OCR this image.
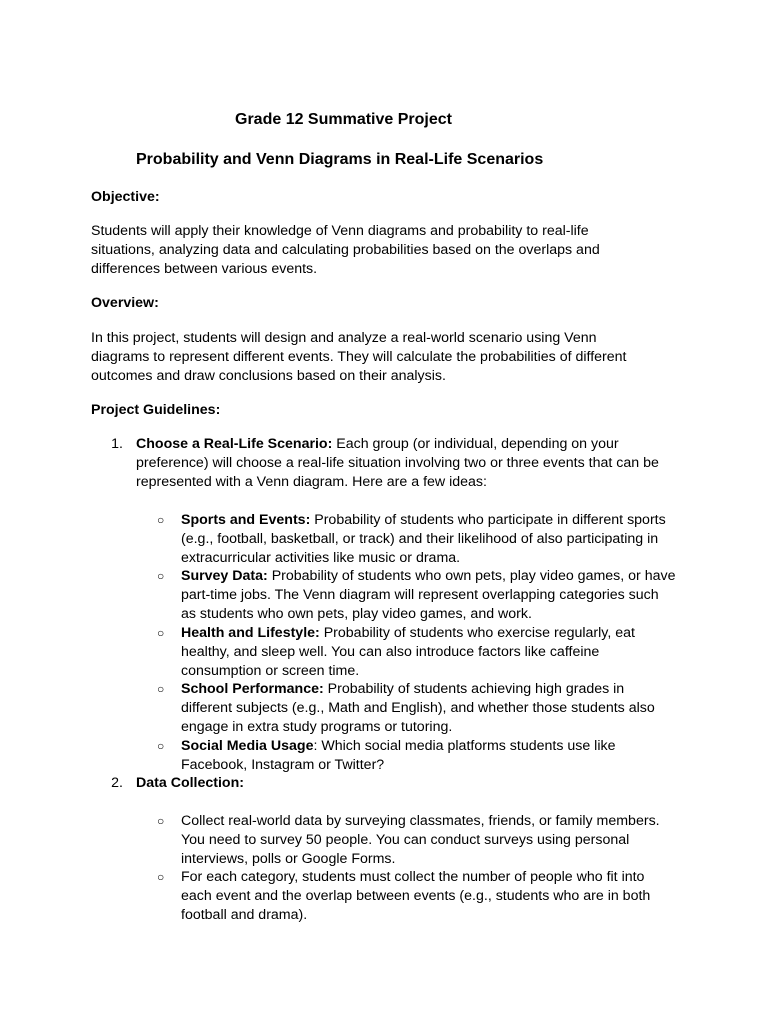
Grade 12 Summative Project
Probability and Venn Diagrams in Real-Life Scenarios
Objective:
Students will apply their knowledge of Venn diagrams and probability to real-life situations, analyzing data and calculating probabilities based on the overlaps and differences between various events.
Overview:
In this project, students will design and analyze a real-world scenario using Venn diagrams to represent different events. They will calculate the probabilities of different outcomes and draw conclusions based on their analysis.
Project Guidelines:
1. Choose a Real-Life Scenario: Each group (or individual, depending on your preference) will choose a real-life situation involving two or three events that can be represented with a Venn diagram. Here are a few ideas:
○ Sports and Events: Probability of students who participate in different sports (e.g., football, basketball, or track) and their likelihood of also participating in extracurricular activities like music or drama.
○ Survey Data: Probability of students who own pets, play video games, or have part-time jobs. The Venn diagram will represent overlapping categories such as students who own pets, play video games, and work.
○ Health and Lifestyle: Probability of students who exercise regularly, eat healthy, and sleep well. You can also introduce factors like caffeine consumption or screen time.
○ School Performance: Probability of students achieving high grades in different subjects (e.g., Math and English), and whether those students also engage in extra study programs or tutoring.
○ Social Media Usage: Which social media platforms students use like Facebook, Instagram or Twitter?
2. Data Collection:
○ Collect real-world data by surveying classmates, friends, or family members. You need to survey 50 people. You can conduct surveys using personal interviews, polls or Google Forms.
○ For each category, students must collect the number of people who fit into each event and the overlap between events (e.g., students who are in both football and drama).
